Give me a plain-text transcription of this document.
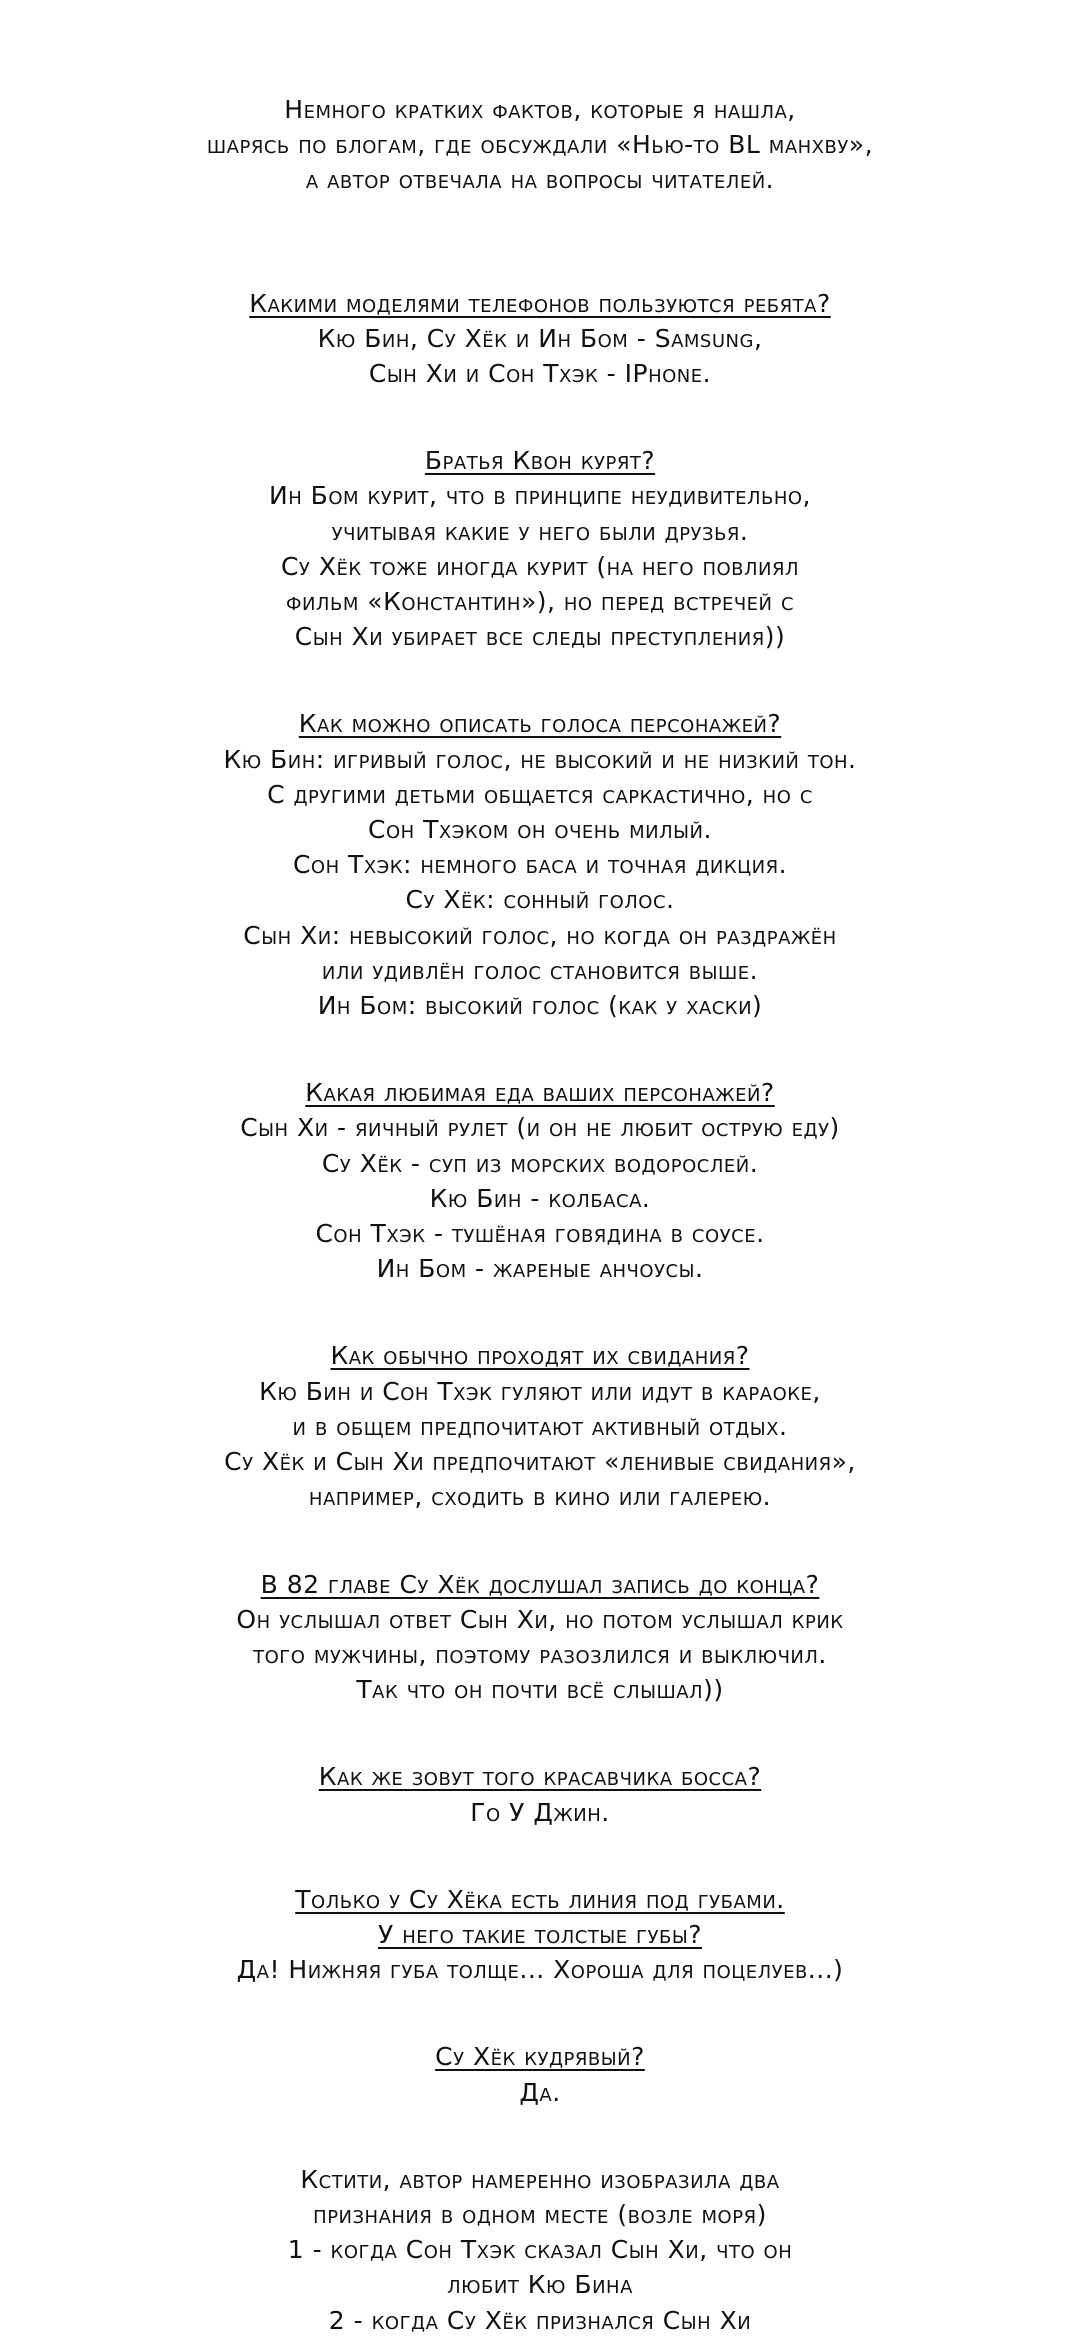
Немного кратких фактов, которые я нашла,
шарясь по блогам, где обсуждали «Нью-то BL манхву»,
а автор отвечала на вопросы читателей.
Какими моделями телефонов пользуются ребята?
Кю Бин, Су Хёк и Ин Бом - Samsung,
Сын Хи и Сон Тхэк - IPhone.
Братья Квон курят?
Ин Бом курит, что в принципе неудивительно,
учитывая какие у него были друзья.
Су Хёк тоже иногда курит (на него повлиял
фильм «Константин»), но перед встречей с
Сын Хи убирает все следы преступления))
Как можно описать голоса персонажей?
Кю Бин: игривый голос, не высокий и не низкий тон.
С другими детьми общается саркастично, но с
Сон Тхэком он очень милый.
Сон Тхэк: немного баса и точная дикция.
Су Хёк: сонный голос.
Сын Хи: невысокий голос, но когда он раздражён
или удивлён голос становится выше.
Ин Бом: высокий голос (как у хаски)
Какая любимая еда ваших персонажей?
Сын Хи - яичный рулет (и он не любит острую еду)
Су Хёк - суп из морских водорослей.
Кю Бин - колбаса.
Сон Тхэк - тушёная говядина в соусе.
Ин Бом - жареные анчоусы.
Как обычно проходят их свидания?
Кю Бин и Сон Тхэк гуляют или идут в караоке,
и в общем предпочитают активный отдых.
Су Хёк и Сын Хи предпочитают «ленивые свидания»,
например, сходить в кино или галерею.
В 82 главе Су Хёк дослушал запись до конца?
Он услышал ответ Сын Хи, но потом услышал крик
того мужчины, поэтому разозлился и выключил.
Так что он почти всё слышал))
Как же зовут того красавчика босса?
Го У Джин.
Только у Су Хёка есть линия под губами.
У него такие толстые губы?
Да! Нижняя губа толще... Хороша для поцелуев...)
Су Хёк кудрявый?
Да.
Кстити, автор намеренно изобразила два
признания в одном месте (возле моря)
1 - когда Сон Тхэк сказал Сын Хи, что он
любит Кю Бина
2 - когда Су Хёк признался Сын Хи
